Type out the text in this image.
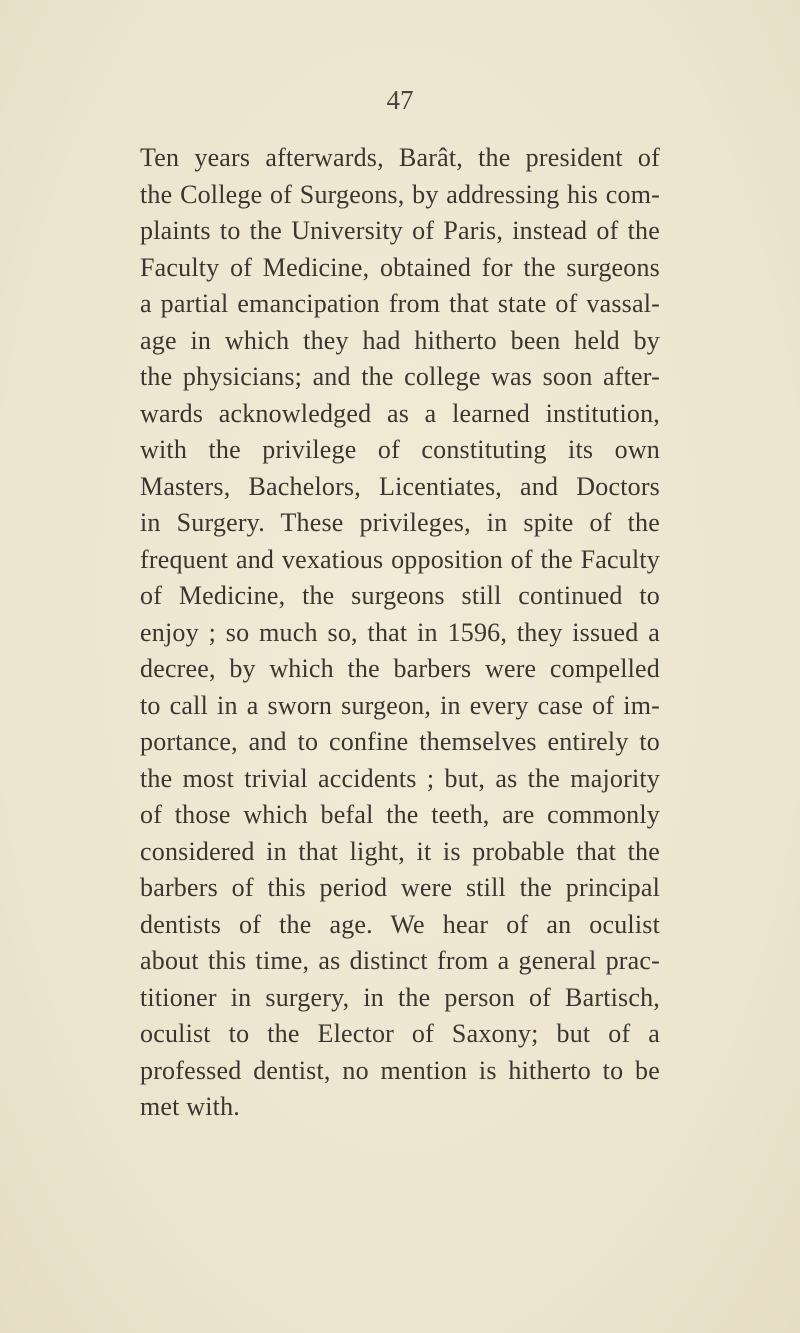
47
Ten years afterwards, Barât, the president of
the College of Surgeons, by addressing his com-
plaints to the University of Paris, instead of the
Faculty of Medicine, obtained for the surgeons
a partial emancipation from that state of vassal-
age in which they had hitherto been held by
the physicians; and the college was soon after-
wards acknowledged as a learned institution,
with the privilege of constituting its own
Masters, Bachelors, Licentiates, and Doctors
in Surgery. These privileges, in spite of the
frequent and vexatious opposition of the Faculty
of Medicine, the surgeons still continued to
enjoy ; so much so, that in 1596, they issued a
decree, by which the barbers were compelled
to call in a sworn surgeon, in every case of im-
portance, and to confine themselves entirely to
the most trivial accidents ; but, as the majority
of those which befal the teeth, are commonly
considered in that light, it is probable that the
barbers of this period were still the principal
dentists of the age. We hear of an oculist
about this time, as distinct from a general prac-
titioner in surgery, in the person of Bartisch,
oculist to the Elector of Saxony; but of a
professed dentist, no mention is hitherto to be
met with.
